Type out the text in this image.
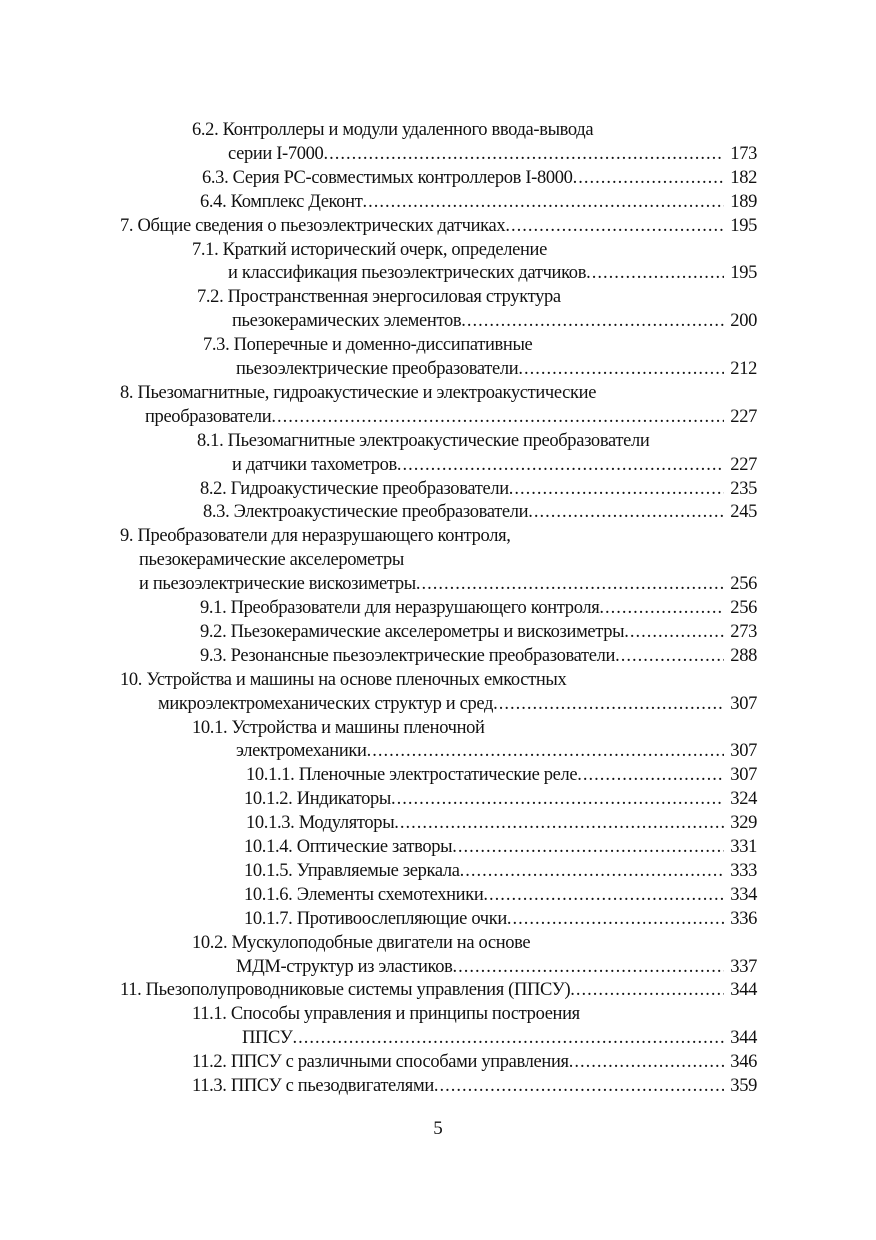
6.2. Контроллеры и модули удаленного ввода-вывода
серии I-7000 .....	173
6.3. Серия PC-совместимых контроллеров I-8000 .....	182
6.4. Комплекс Деконт .....	189
7. Общие сведения о пьезоэлектрических датчиках .....	195
7.1. Краткий исторический очерк, определение
и классификация пьезоэлектрических датчиков .....	195
7.2. Пространственная энергосиловая структура
пьезокерамических элементов .....	200
7.3. Поперечные и доменно-диссипативные
пьезоэлектрические преобразователи .....	212
8. Пьезомагнитные, гидроакустические и электроакустические
преобразователи .....	227
8.1. Пьезомагнитные электроакустические преобразователи
и датчики тахометров .....	227
8.2. Гидроакустические преобразователи .....	235
8.3. Электроакустические преобразователи .....	245
9. Преобразователи для неразрушающего контроля,
пьезокерамические акселерометры
и пьезоэлектрические вискозиметры .....	256
9.1. Преобразователи для неразрушающего контроля .....	256
9.2. Пьезокерамические акселерометры и вискозиметры .....	273
9.3. Резонансные пьезоэлектрические преобразователи .....	288
10. Устройства и машины на основе пленочных емкостных
микроэлектромеханических структур и сред .....	307
10.1. Устройства и машины пленочной
электромеханики .....	307
10.1.1. Пленочные электростатические реле .....	307
10.1.2. Индикаторы .....	324
10.1.3. Модуляторы .....	329
10.1.4. Оптические затворы .....	331
10.1.5. Управляемые зеркала .....	333
10.1.6. Элементы схемотехники .....	334
10.1.7. Противоослепляющие очки .....	336
10.2. Мускулоподобные двигатели на основе
МДМ-структур из эластиков .....	337
11. Пьезополупроводниковые системы управления (ППСУ) .....	344
11.1. Способы управления и принципы построения
ППСУ .....	344
11.2. ППСУ с различными способами управления .....	346
11.3. ППСУ с пьезодвигателями .....	359
5
